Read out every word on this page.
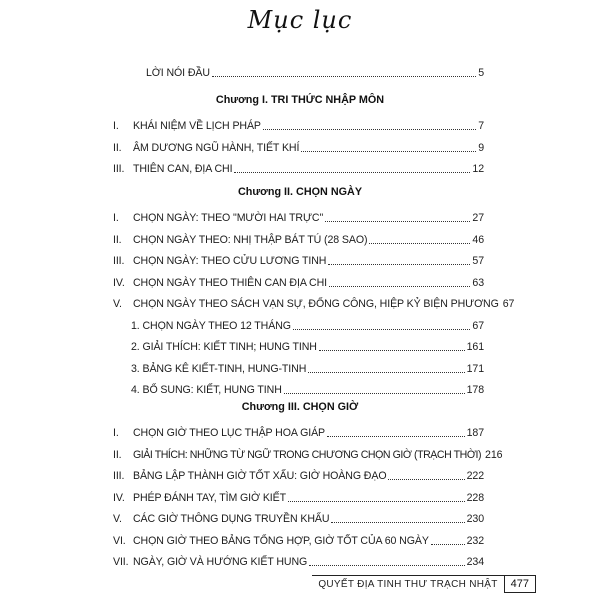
Mục lục
LỜI NÓI ĐẦU	5
Chương I. TRI THỨC NHẬP MÔN
I.	KHÁI NIỆM VỀ LỊCH PHÁP	7
II.	ÂM DƯƠNG NGŨ HÀNH, TIẾT KHÍ	9
III. THIÊN CAN, ĐỊA CHI	12
Chương II. CHỌN NGÀY
I.	CHỌN NGÀY: THEO "MƯỜI HAI TRỰC"	27
II.	CHỌN NGÀY THEO: NHỊ THẬP BÁT TÚ (28 SAO)	46
III. CHỌN NGÀY: THEO CỬU LƯƠNG TINH	57
IV. CHỌN NGÀY THEO THIÊN CAN ĐỊA CHI	63
V.	CHỌN NGÀY THEO SÁCH VẠN SỰ, ĐỔNG CÔNG, HIỆP KỶ BIỆN PHƯƠNG 67
1. CHỌN NGÀY THEO 12 THÁNG	67
2. GIẢI THÍCH: KIẾT TINH; HUNG TINH	161
3. BẢNG KÊ KIẾT-TINH, HUNG-TINH	171
4. BỔ SUNG: KIẾT, HUNG TINH	178
Chương III. CHỌN GIỜ
I.	CHỌN GIỜ THEO LỤC THẬP HOA GIÁP	187
II.	GIẢI THÍCH: NHỮNG TỪ NGỮ TRONG CHƯƠNG CHỌN GIỜ (TRẠCH THỜI) 216
III. BẢNG LẬP THÀNH GIỜ TỐT XẤU: GIỜ HOÀNG ĐẠO	222
IV. PHÉP ĐÁNH TAY, TÌM GIỜ KIẾT	228
V.	CÁC GIỜ THÔNG DỤNG TRUYỀN KHẨU	230
VI. CHỌN GIỜ THEO BẢNG TỔNG HỢP, GIỜ TỐT CỦA 60 NGÀY	232
VII. NGÀY, GIỜ VÀ HƯỚNG KIẾT HUNG	234
QUYẾT ĐỊA TINH THƯ TRẠCH NHẬT	477
